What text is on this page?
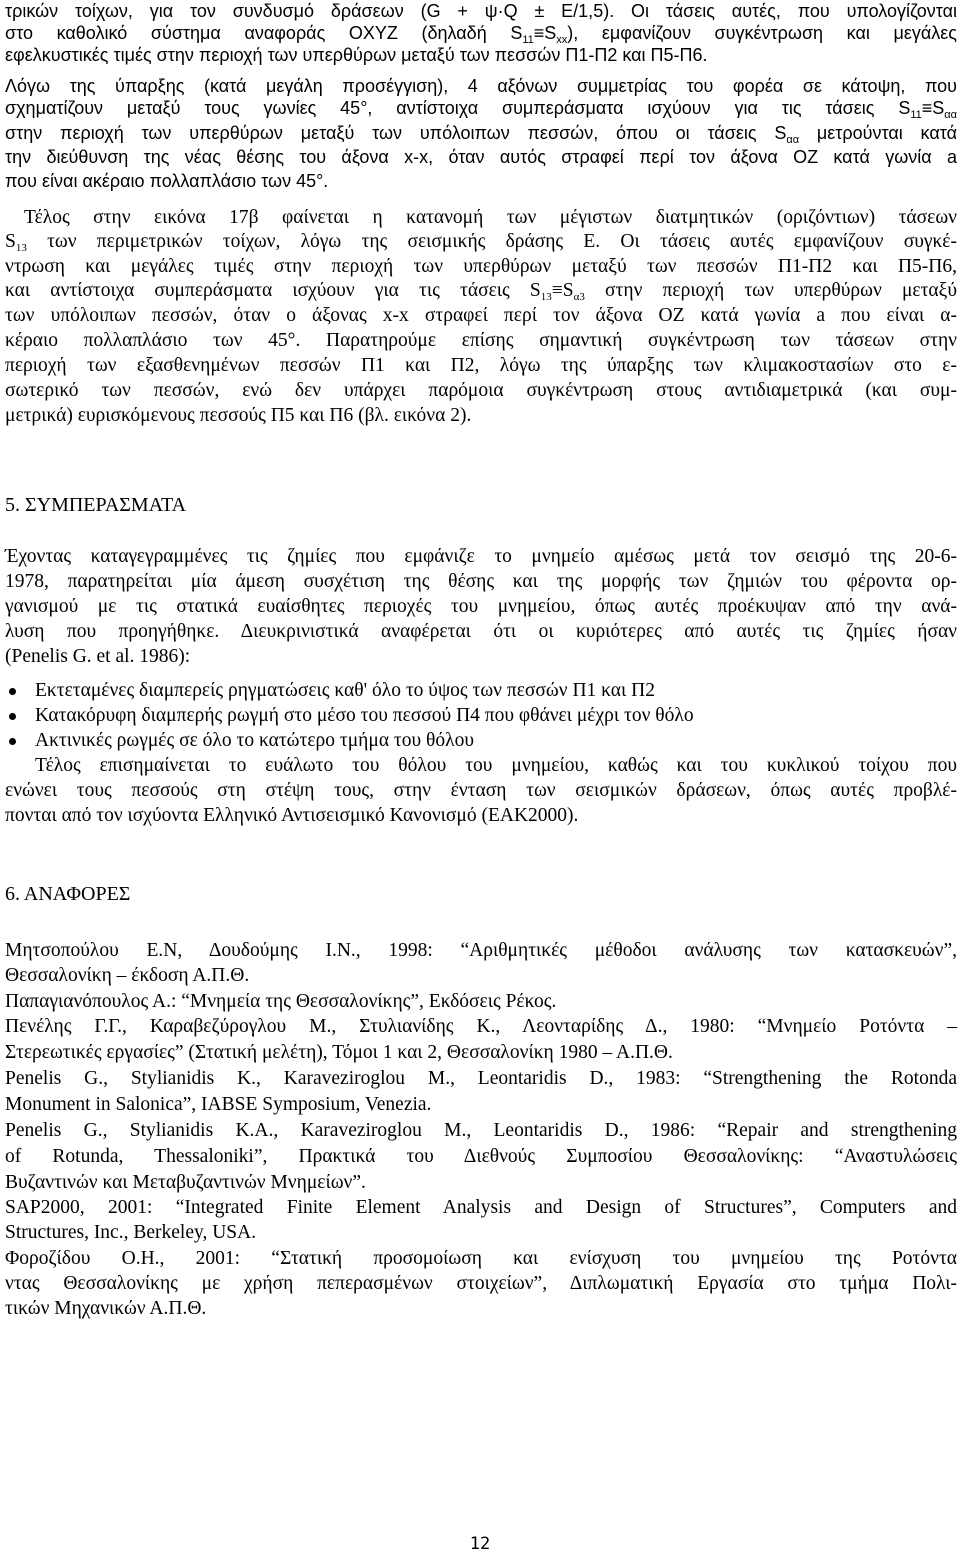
τρικών τοίχων, για τον συνδυσμό δράσεων (G + ψ·Q ± E/1,5). Οι τάσεις αυτές, που υπολογίζονται
στο καθολικό σύστημα αναφοράς ΟΧΥΖ (δηλαδή $S_{11}\equiv S_{xx}$), εμφανίζουν συγκέντρωση και μεγάλες
εφελκυστικές τιμές στην περιοχή των υπερθύρων μεταξύ των πεσσών Π1-Π2 και Π5-Π6.
Λόγω της ύπαρξης (κατά μεγάλη προσέγγιση), 4 αξόνων συμμετρίας του φορέα σε κάτοψη, που
σχηματίζουν μεταξύ τους γωνίες 45°, αντίστοιχα συμπεράσματα ισχύουν για τις τάσεις $S_{11}\equiv S_{\alpha\alpha}$
στην περιοχή των υπερθύρων μεταξύ των υπόλοιπων πεσσών, όπου οι τάσεις $S_{\alpha\alpha}$ μετρούνται κατά
την διεύθυνση της νέας θέσης του άξονα x-x, όταν αυτός στραφεί περί τον άξονα ΟΖ κατά γωνία a
που είναι ακέραιο πολλαπλάσιο των 45°.
Τέλος στην εικόνα 17β φαίνεται η κατανομή των μέγιστων διατμητικών (οριζόντιων) τάσεων
$S_{13}$ των περιμετρικών τοίχων, λόγω της σεισμικής δράσης E. Οι τάσεις αυτές εμφανίζουν συγκέ-
ντρωση και μεγάλες τιμές στην περιοχή των υπερθύρων μεταξύ των πεσσών Π1-Π2 και Π5-Π6,
και αντίστοιχα συμπεράσματα ισχύουν για τις τάσεις $S_{13}\equiv S_{\alpha 3}$ στην περιοχή των υπερθύρων μεταξύ
των υπόλοιπων πεσσών, όταν ο άξονας x-x στραφεί περί τον άξονα ΟΖ κατά γωνία a που είναι α-
κέραιο πολλαπλάσιο των 45°. Παρατηρούμε επίσης σημαντική συγκέντρωση των τάσεων στην
περιοχή των εξασθενημένων πεσσών Π1 και Π2, λόγω της ύπαρξης των κλιμακοστασίων στο ε-
σωτερικό των πεσσών, ενώ δεν υπάρχει παρόμοια συγκέντρωση στους αντιδιαμετρικά (και συμ-
μετρικά) ευρισκόμενους πεσσούς Π5 και Π6 (βλ. εικόνα 2).
5. ΣΥΜΠΕΡΑΣΜΑΤΑ
Έχοντας καταγεγραμμένες τις ζημίες που εμφάνιζε το μνημείο αμέσως μετά τον σεισμό της 20-6-
1978, παρατηρείται μία άμεση συσχέτιση της θέσης και της μορφής των ζημιών του φέροντα ορ-
γανισμού με τις στατικά ευαίσθητες περιοχές του μνημείου, όπως αυτές προέκυψαν από την ανά-
λυση που προηγήθηκε. Διευκρινιστικά αναφέρεται ότι οι κυριότερες από αυτές τις ζημίες ήσαν
(Penelis G. et al. 1986):
Εκτεταμένες διαμπερείς ρηγματώσεις καθ' όλο το ύψος των πεσσών Π1 και Π2
Κατακόρυφη διαμπερής ρωγμή στο μέσο του πεσσού Π4 που φθάνει μέχρι τον θόλο
Ακτινικές ρωγμές σε όλο το κατώτερο τμήμα του θόλου
Τέλος επισημαίνεται το ευάλωτο του θόλου του μνημείου, καθώς και του κυκλικού τοίχου που
ενώνει τους πεσσούς στη στέψη τους, στην ένταση των σεισμικών δράσεων, όπως αυτές προβλέ-
πονται από τον ισχύοντα Ελληνικό Αντισεισμικό Κανονισμό (ΕΑΚ2000).
6. ΑΝΑΦΟΡΕΣ
Μητσοπούλου Ε.Ν, Δουδούμης Ι.Ν., 1998: “Αριθμητικές μέθοδοι ανάλυσης των κατασκευών”,
Θεσσαλονίκη – έκδοση Α.Π.Θ.
Παπαγιανόπουλος Α.: “Μνημεία της Θεσσαλονίκης”, Εκδόσεις Ρέκος.
Πενέλης Γ.Γ., Καραβεζύρογλου Μ., Στυλιανίδης Κ., Λεονταρίδης Δ., 1980: “Μνημείο Ροτόντα –
Στερεωτικές εργασίες” (Στατική μελέτη), Τόμοι 1 και 2, Θεσσαλονίκη 1980 – Α.Π.Θ.
Penelis G., Stylianidis K., Karaveziroglou M., Leontaridis D., 1983: “Strengthening the Rotonda
Monument in Salonica”, IABSE Symposium, Venezia.
Penelis G., Stylianidis K.A., Karaveziroglou M., Leontaridis D., 1986: “Repair and strengthening
of Rotunda, Thessaloniki”, Πρακτικά του Διεθνούς Συμποσίου Θεσσαλονίκης: “Αναστυλώσεις
Βυζαντινών και Μεταβυζαντινών Μνημείων”.
SAP2000, 2001: “Integrated Finite Element Analysis and Design of Structures”, Computers and
Structures, Inc., Berkeley, USA.
Φορoζίδου Ο.Η., 2001: “Στατική προσομοίωση και ενίσχυση του μνημείου της Ροτόντα
ντας Θεσσαλονίκης με χρήση πεπερασμένων στοιχείων”, Διπλωματική Εργασία στο τμήμα Πολι-
τικών Μηχανικών Α.Π.Θ.
12
